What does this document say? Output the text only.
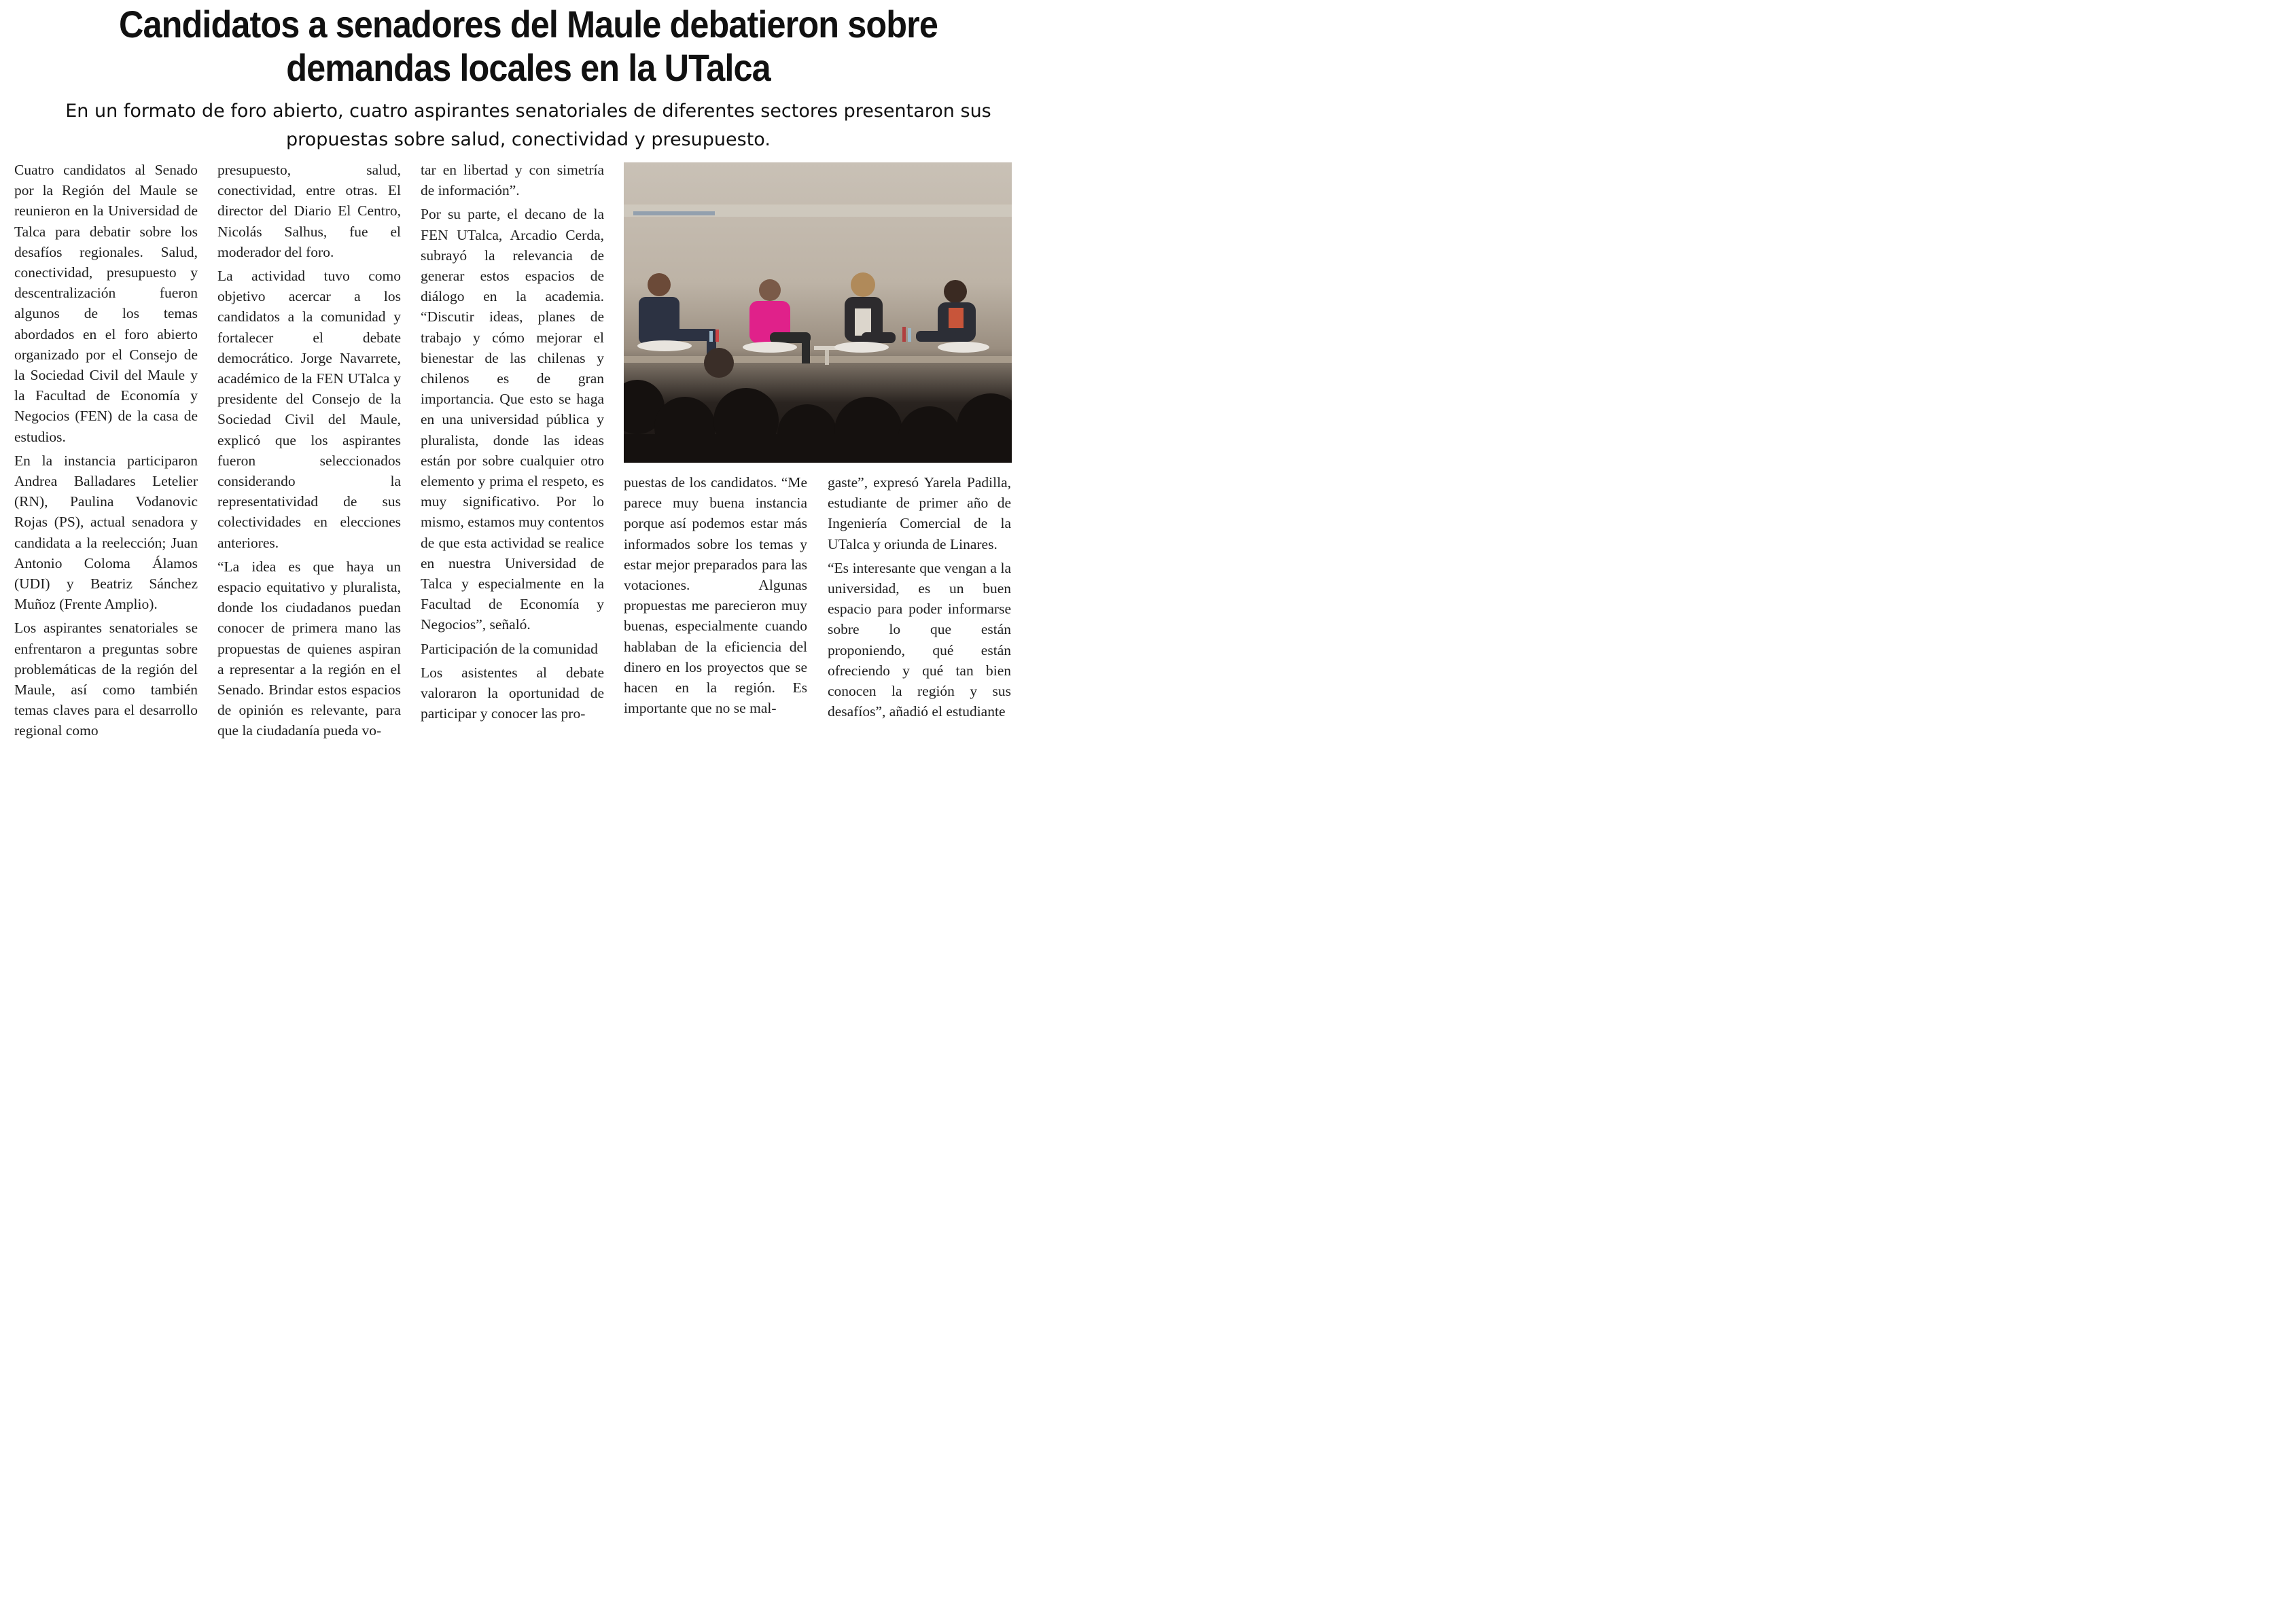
Candidatos a senadores del Maule debatieron sobre demandas locales en la UTalca
En un formato de foro abierto, cuatro aspirantes senatoriales de diferentes sectores presentaron sus propuestas sobre salud, conectividad y presupuesto.

Cuatro candidatos al Senado por la Región del Maule se reunieron en la Universidad de Talca para debatir sobre los desafíos regionales. Salud, conectividad, presupuesto y descentralización fueron algunos de los temas abordados en el foro abierto organizado por el Consejo de la Sociedad Civil del Maule y la Facultad de Economía y Negocios (FEN) de la casa de estudios.

En la instancia participaron Andrea Balladares Letelier (RN), Paulina Vodanovic Rojas (PS), actual senadora y candidata a la reelección; Juan Antonio Coloma Álamos (UDI) y Beatriz Sánchez Muñoz (Frente Amplio).

Los aspirantes senatoriales se enfrentaron a preguntas sobre problemáticas de la región del Maule, así como también temas claves para el desarrollo regional como

presupuesto, salud, conectividad, entre otras. El director del Diario El Centro, Nicolás Salhus, fue el moderador del foro.

La actividad tuvo como objetivo acercar a los candidatos a la comunidad y fortalecer el debate democrático. Jorge Navarrete, académico de la FEN UTalca y presidente del Consejo de la Sociedad Civil del Maule, explicó que los aspirantes fueron seleccionados considerando la representatividad de sus colectividades en elecciones anteriores.

“La idea es que haya un espacio equitativo y pluralista, donde los ciudadanos puedan conocer de primera mano las propuestas de quienes aspiran a representar a la región en el Senado. Brindar estos espacios de opinión es relevante, para que la ciudadanía pueda vo-

tar en libertad y con simetría de información”.

Por su parte, el decano de la FEN UTalca, Arcadio Cerda, subrayó la relevancia de generar estos espacios de diálogo en la academia. “Discutir ideas, planes de trabajo y cómo mejorar el bienestar de las chilenas y chilenos es de gran importancia. Que esto se haga en una universidad pública y pluralista, donde las ideas están por sobre cualquier otro elemento y prima el respeto, es muy significativo. Por lo mismo, estamos muy contentos de que esta actividad se realice en nuestra Universidad de Talca y especialmente en la Facultad de Economía y Negocios”, señaló.

Participación de la comunidad

Los asistentes al debate valoraron la oportunidad de participar y conocer las pro-

puestas de los candidatos. “Me parece muy buena instancia porque así podemos estar más informados sobre los temas y estar mejor preparados para las votaciones. Algunas propuestas me parecieron muy buenas, especialmente cuando hablaban de la eficiencia del dinero en los proyectos que se hacen en la región. Es importante que no se mal-

gaste”, expresó Yarela Padilla, estudiante de primer año de Ingeniería Comercial de la UTalca y oriunda de Linares.

“Es interesante que vengan a la universidad, es un buen espacio para poder informarse sobre lo que están proponiendo, qué están ofreciendo y qué tan bien conocen la región y sus desafíos”, añadió el estudiante
